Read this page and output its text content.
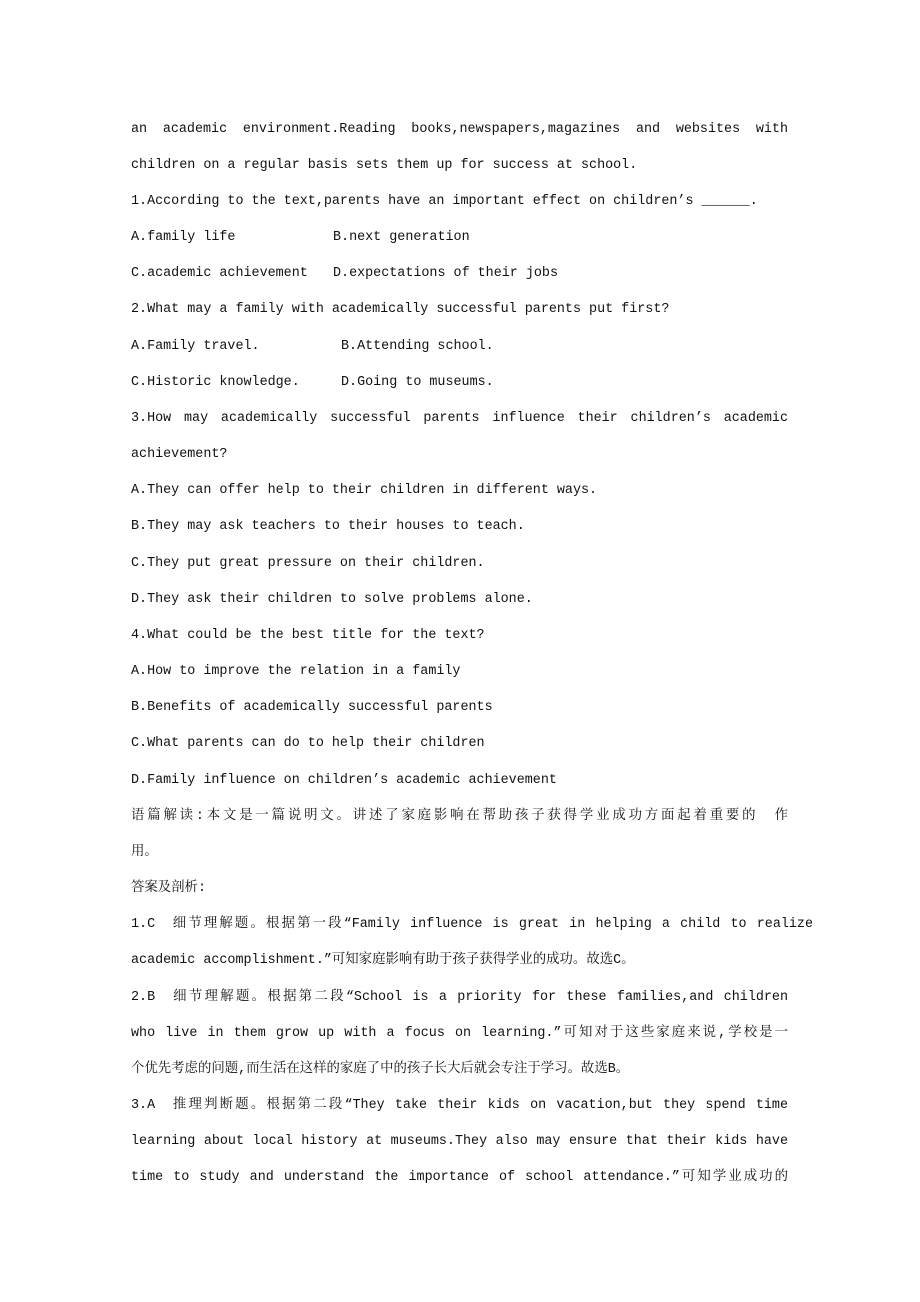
an academic environment.Reading books,newspapers,magazines and websites with
children on a regular basis sets them up for success at school.
1.According to the text,parents have an important effect on children’s ______.
A.family life	B.next generation
C.academic achievement D.expectations of their jobs
2.What may a family with academically successful parents put first?
A.Family travel.	B.Attending school.
C.Historic knowledge.	D.Going to museums.
3.How may academically successful parents influence their children’s academic
achievement?
A.They can offer help to their children in different ways.
B.They may ask teachers to their houses to teach.
C.They put great pressure on their children.
D.They ask their children to solve problems alone.
4.What could be the best title for the text?
A.How to improve the relation in a family
B.Benefits of academically successful parents
C.What parents can do to help their children
D.Family influence on children’s academic achievement
语篇解读:本文是一篇说明文。讲述了家庭影响在帮助孩子获得学业成功方面起着重要的　作
用。
答案及剖析:
1.C　细节理解题。根据第一段“Family influence is great in helping a child to realize
academic accomplishment.”可知家庭影响有助于孩子获得学业的成功。故选C。
2.B　细节理解题。根据第二段“School is a priority for these families,and children
who live in them grow up with a focus on learning.”可知对于这些家庭来说,学校是一
个优先考虑的问题,而生活在这样的家庭了中的孩子长大后就会专注于学习。故选B。
3.A　推理判断题。根据第二段“They take their kids on vacation,but they spend time
learning about local history at museums.They also may ensure that their kids have
time to study and understand the importance of school attendance.”可知学业成功的
